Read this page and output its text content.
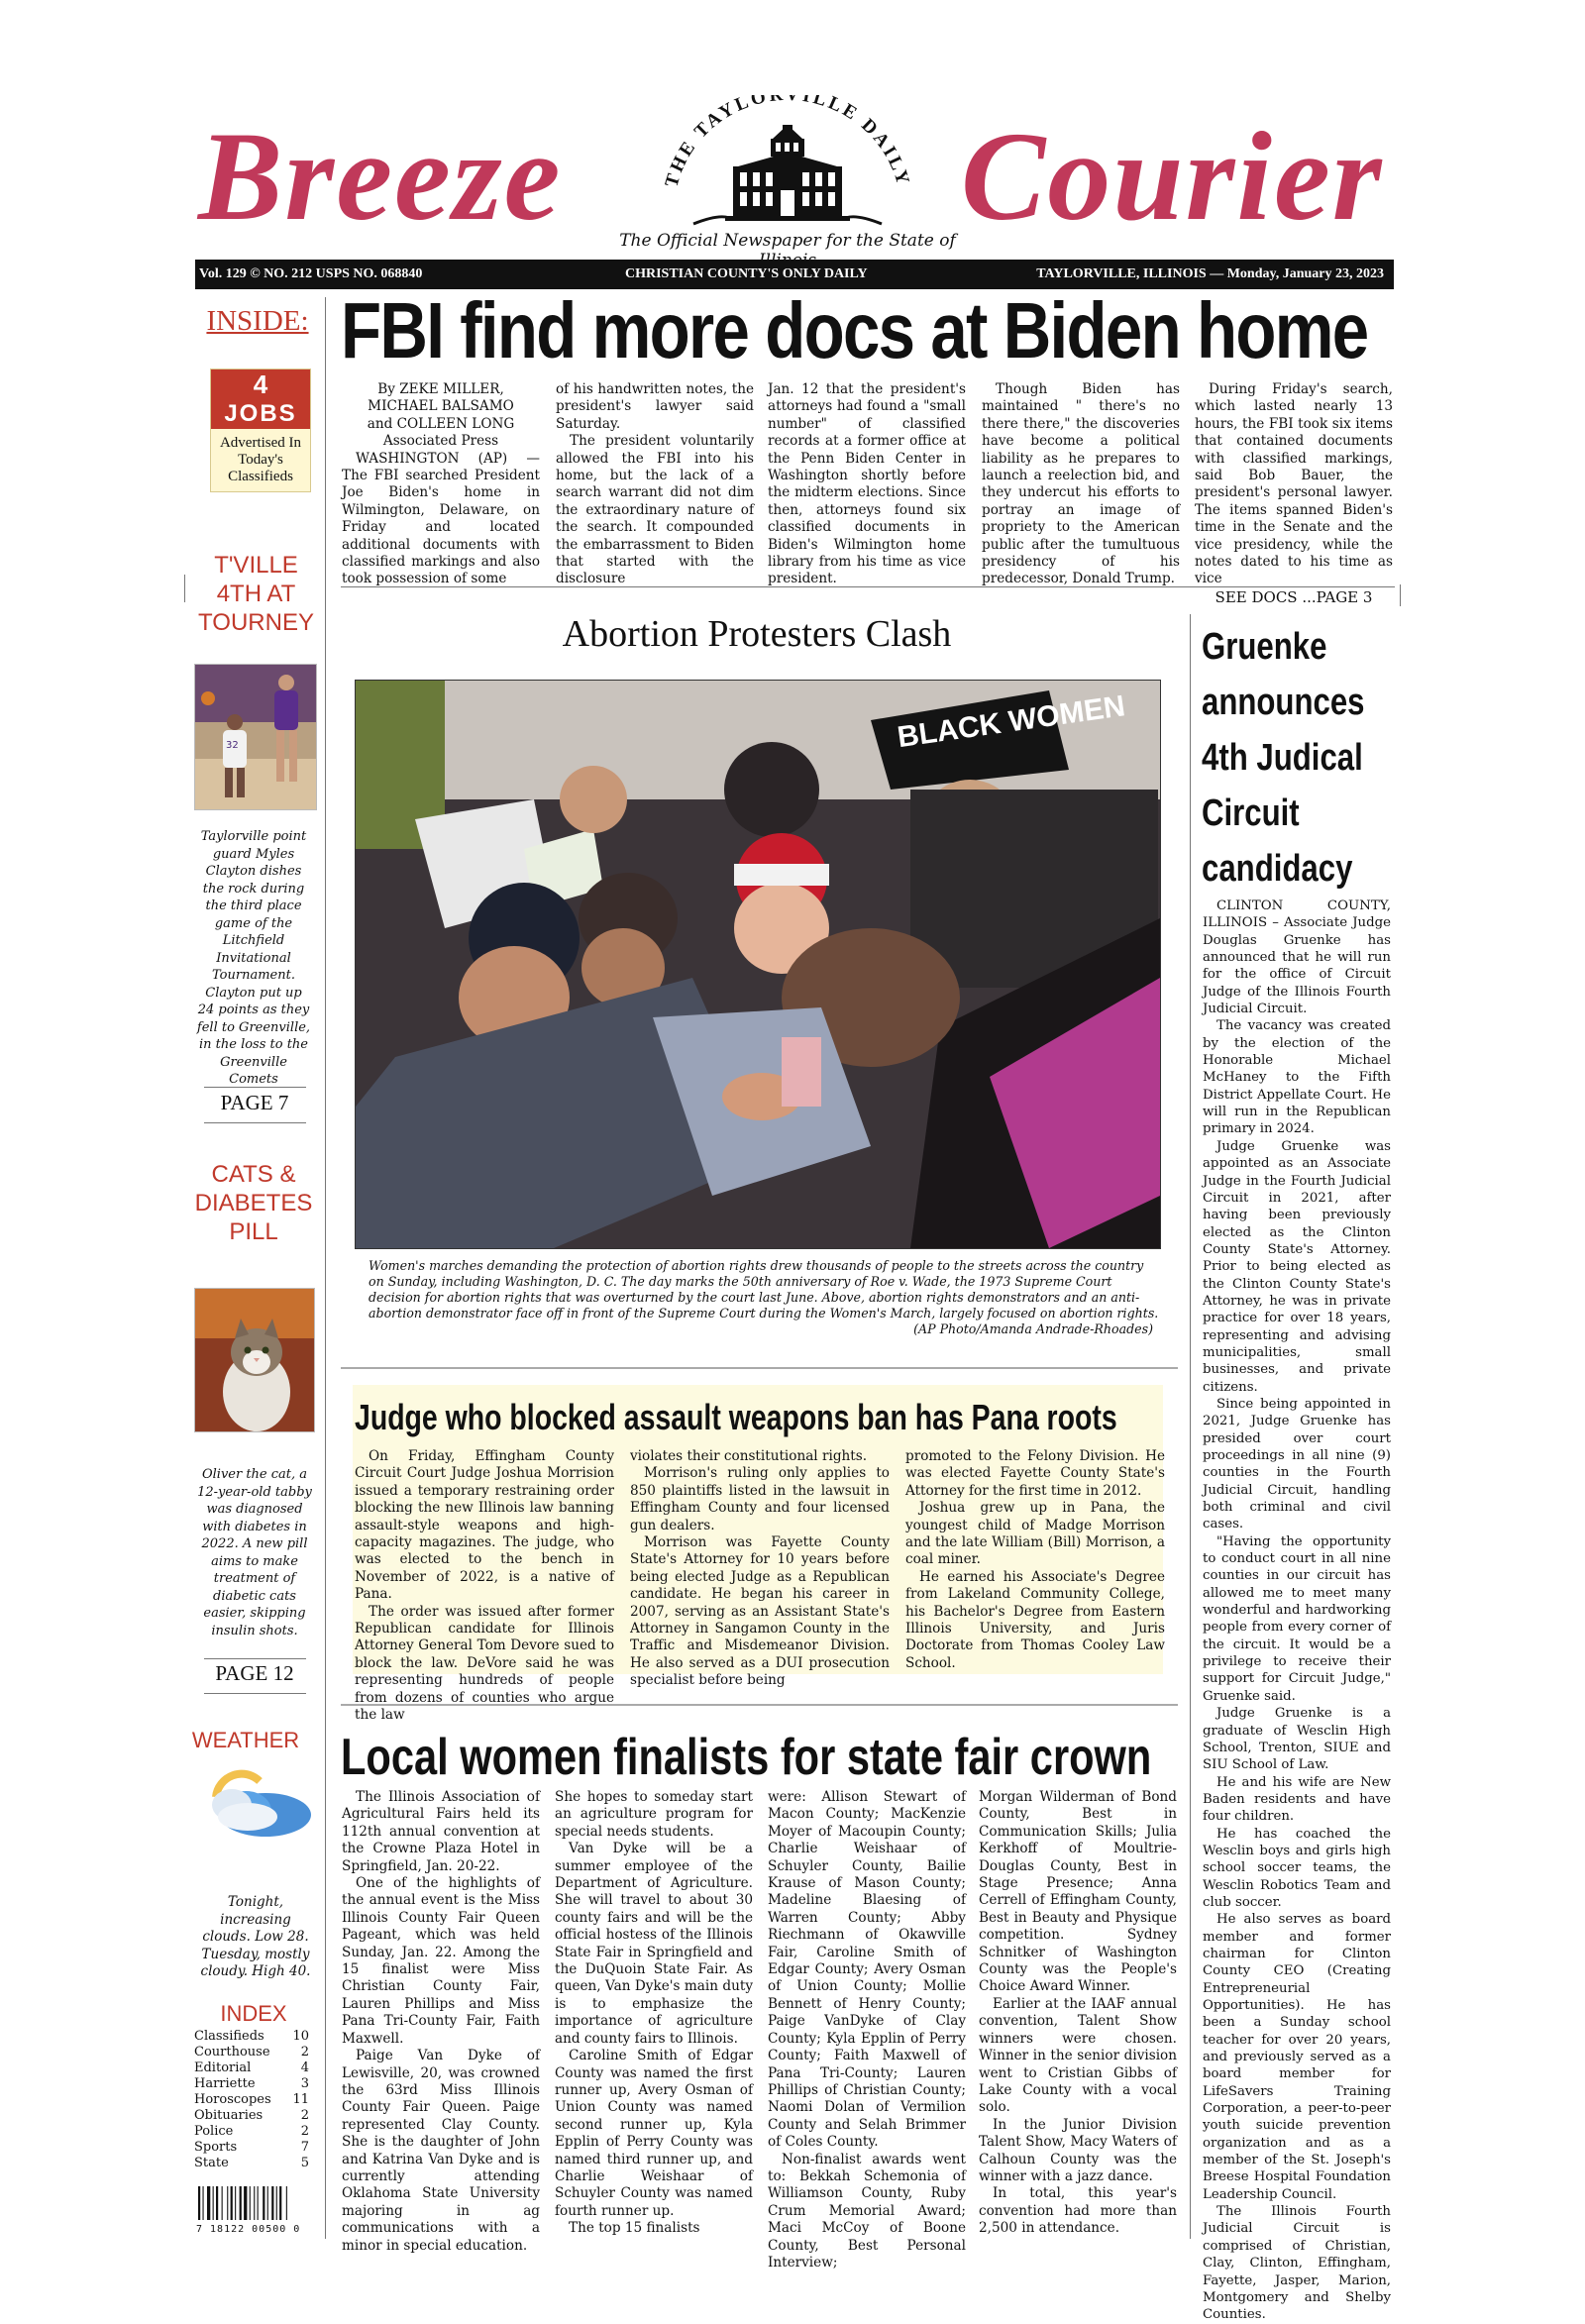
Breeze	Courier
THE TAYLO ILLE DAILY
The Official Newspaper for the State of
Vol. 129 © NO. 212 USPS NO. 068840	CHRISTIAN COUNTY'S ONLY DAILY	TAYLORVILLE, ILLINOIS — Monday, January 23, 2023
INSIDE:
4
JOBS
Advertised In Today's Classifieds
T'VILLE 4TH AT TOURNEY
32
Taylorville point guard Myles Clayton dishes the rock during the third place game of the Litchfield Invitational Tournament. Clayton put up 24 points as they fell to Greenville, in the loss to the Greenville Comets
PAGE 7
CATS & DIABETES PILL
Oliver the cat, a 12-year-old tabby was diagnosed with diabetes in 2022. A new pill aims to make treatment of diabetic cats easier, skipping insulin shots.
PAGE 12
WEATHER
Tonight, increasing clouds. Low 28. Tuesday, mostly cloudy. High 40.
INDEX
Classifieds 10
Courthouse 2
Editorial	4
Harriette	3
Horoscopes 11
Obituaries	2
Police	2
Sports	7
State	5
7 18122 00500 0
FBI find more docs at Biden home
By ZEKE MILLER,
MICHAEL BALSAMO
and COLLEEN LONG
Associated Press

WASHINGTON (AP) — The FBI searched President Joe Biden's home in Wilmington, Delaware, on Friday and located additional documents with classified markings and also took possession of some

of his handwritten notes, the president's lawyer said Saturday.

The president voluntarily allowed the FBI into his home, but the lack of a search warrant did not dim the extraordinary nature of the search. It compounded the embarrassment to Biden that started with the disclosure

Jan. 12 that the president's attorneys had found a "small number" of classified records at a former office at the Penn Biden Center in Washington shortly before the midterm elections. Since then, attorneys found six classified documents in Biden's Wilmington home library from his time as vice president.

Though Biden has maintained " there's no there there," the discoveries have become a political liability as he prepares to launch a reelection bid, and they undercut his efforts to portray an image of propriety to the American public after the tumultuous presidency of his predecessor, Donald Trump.

During Friday's search, which lasted nearly 13 hours, the FBI took six items that contained documents with classified markings, said Bob Bauer, the president's personal lawyer. The items spanned Biden's time in the Senate and the vice presidency, while the notes dated to his time as vice

SEE DOCS ...PAGE 3
Abortion Protesters Clash
BLACK WOMEN
Women's marches demanding the protection of abortion rights drew thousands of people to the streets across the country on Sunday, including Washington, D. C. The day marks the 50th anniversary of Roe v. Wade, the 1973 Supreme Court decision for abortion rights that was overturned by the court last June. Above, abortion rights demonstrators and an anti-abortion demonstrator face off in front of the Supreme Court during the Women's March, largely focused on abortion rights.
(AP Photo/Amanda Andrade-Rhoades)
Judge who blocked assault weapons ban has Pana roots

On Friday, Effingham County Circuit Court Judge Joshua Morrision issued a temporary restraining order blocking the new Illinois law banning assault-style weapons and high-capacity magazines. The judge, who was elected to the bench in November of 2022, is a native of Pana.

The order was issued after former Republican candidate for Illinois Attorney General Tom Devore sued to block the law. DeVore said he was representing hundreds of people from dozens of counties who argue the law

violates their constitutional rights.

Morrison's ruling only applies to 850 plaintiffs listed in the lawsuit in Effingham County and four licensed gun dealers.

Morrison was Fayette County State's Attorney for 10 years before being elected Judge as a Republican candidate. He began his career in 2007, serving as an Assistant State's Attorney in Sangamon County in the Traffic and Misdemeanor Division. He also served as a DUI prosecution specialist before being

promoted to the Felony Division. He was elected Fayette County State's Attorney for the first time in 2012.

Joshua grew up in Pana, the youngest child of Madge Morrison and the late William (Bill) Morrison, a coal miner.

He earned his Associate's Degree from Lakeland Community College, his Bachelor's Degree from Eastern Illinois University, and Juris Doctorate from Thomas Cooley Law School.

Local women finalists for state fair crown

The Illinois Association of Agricultural Fairs held its 112th annual convention at the Crowne Plaza Hotel in Springfield, Jan. 20-22.

One of the highlights of the annual event is the Miss Illinois County Fair Queen Pageant, which was held Sunday, Jan. 22. Among the 15 finalist were Miss Christian County Fair, Lauren Phillips and Miss Pana Tri-County Fair, Faith Maxwell.

Paige Van Dyke of Lewisville, 20, was crowned the 63rd Miss Illinois County Fair Queen. Paige represented Clay County. She is the daughter of John and Katrina Van Dyke and is currently attending Oklahoma State University majoring in ag communications with a minor in special education.

She hopes to someday start an agriculture program for special needs students.

Van Dyke will be a summer employee of the Department of Agriculture. She will travel to about 30 county fairs and will be the official hostess of the Illinois State Fair in Springfield and the DuQuoin State Fair. As queen, Van Dyke's main duty is to emphasize the importance of agriculture and county fairs to Illinois.

Caroline Smith of Edgar County was named the first runner up, Avery Osman of Union County was named second runner up, Kyla Epplin of Perry County was named third runner up, and Charlie Weishaar of Schuyler County was named fourth runner up.

The top 15 finalists

were: Allison Stewart of Macon County; MacKenzie Moyer of Macoupin County; Charlie Weishaar of Schuyler County, Bailie Krause of Mason County; Madeline Blaesing of Warren County; Abby Riechmann of Okawville Fair, Caroline Smith of Edgar County; Avery Osman of Union County; Mollie Bennett of Henry County; Paige VanDyke of Clay County; Kyla Epplin of Perry County; Faith Maxwell of Pana Tri-County; Lauren Phillips of Christian County; Naomi Dolan of Vermilion County and Selah Brimmer of Coles County.

Non-finalist awards went to: Bekkah Schemonia of Williamson County, Ruby Crum Memorial Award; Maci McCoy of Boone County, Best Personal Interview;

Morgan Wilderman of Bond County, Best in Communication Skills; Julia Kerkhoff of Moultrie-Douglas County, Best in Stage Presence; Anna Cerrell of Effingham County, Best in Beauty and Physique competition. Sydney Schnitker of Washington County was the People's Choice Award Winner.

Earlier at the IAAF annual convention, Talent Show winners were chosen. Winner in the senior division went to Cristian Gibbs of Lake County with a vocal solo.

In the Junior Division Talent Show, Macy Waters of Calhoun County was the winner with a jazz dance.

In total, this year's convention had more than 2,500 in attendance.

Gruenke
announces
4th Judical
Circuit
candidacy

CLINTON COUNTY, ILLINOIS – Associate Judge Douglas Gruenke has announced that he will run for the office of Circuit Judge of the Illinois Fourth Judicial Circuit.

The vacancy was created by the election of the Honorable Michael McHaney to the Fifth District Appellate Court. He will run in the Republican primary in 2024.

Judge Gruenke was appointed as an Associate Judge in the Fourth Judicial Circuit in 2021, after having been previously elected as the Clinton County State's Attorney. Prior to being elected as the Clinton County State's Attorney, he was in private practice for over 18 years, representing and advising municipalities, small businesses, and private citizens.

Since being appointed in 2021, Judge Gruenke has presided over court proceedings in all nine (9) counties in the Fourth Judicial Circuit, handling both criminal and civil cases.

"Having the opportunity to conduct court in all nine counties in our circuit has allowed me to meet many wonderful and hardworking people from every corner of the circuit. It would be a privilege to receive their support for Circuit Judge," Gruenke said.

Judge Gruenke is a graduate of Wesclin High School, Trenton, SIUE and SIU School of Law.

He and his wife are New Baden residents and have four children.

He has coached the Wesclin boys and girls high school soccer teams, the Wesclin Robotics Team and club soccer.

He also serves as board member and former chairman for Clinton County CEO (Creating Entrepreneurial Opportunities). He has been a Sunday school teacher for over 20 years, and previously served as a board member for LifeSavers Training Corporation, a peer-to-peer youth suicide prevention organization and as a member of the St. Joseph's Breese Hospital Foundation Leadership Council.

The Illinois Fourth Judicial Circuit is comprised of Christian, Clay, Clinton, Effingham, Fayette, Jasper, Marion, Montgomery and Shelby Counties.
